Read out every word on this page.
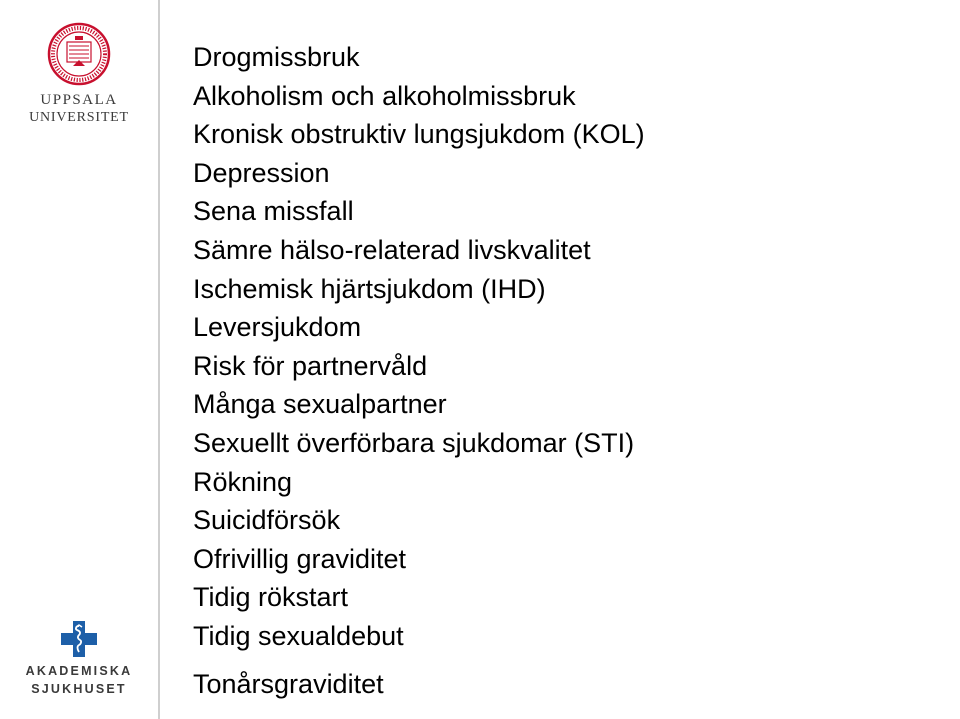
UPPSALA
UNIVERSITET
AKADEMISKA
SJUKHUSET

Drogmissbruk

Alkoholism och alkoholmissbruk

Kronisk obstruktiv lungsjukdom (KOL)

Depression

Sena missfall

Sämre hälso-relaterad livskvalitet

Ischemisk hjärtsjukdom (IHD)

Leversjukdom

Risk för partnervåld

Många sexualpartner

Sexuellt överförbara sjukdomar (STI)

Rökning

Suicidförsök

Ofrivillig graviditet

Tidig rökstart

Tidig sexualdebut

Tonårsgraviditet
